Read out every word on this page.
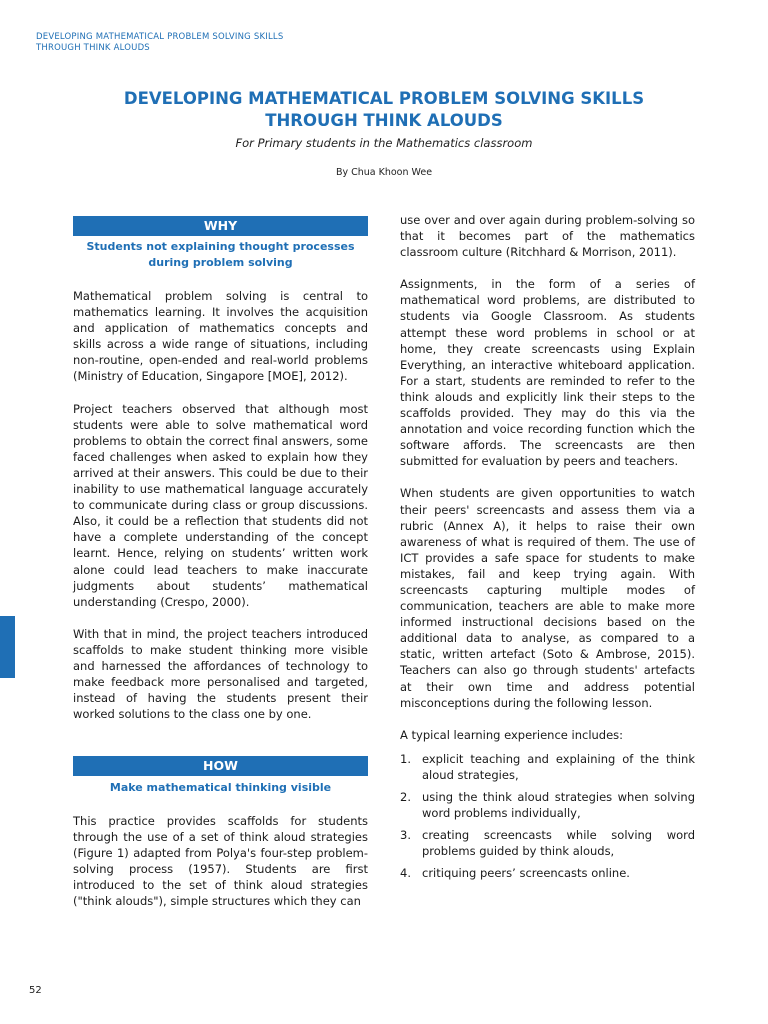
DEVELOPING MATHEMATICAL PROBLEM SOLVING SKILLS
THROUGH THINK ALOUDS
DEVELOPING MATHEMATICAL PROBLEM SOLVING SKILLS
THROUGH THINK ALOUDS
For Primary students in the Mathematics classroom
By Chua Khoon Wee
WHY
Students not explaining thought processes
during problem solving

Mathematical problem solving is central to mathematics learning. It involves the acquisition and application of mathematics concepts and skills across a wide range of situations, including non-routine, open-ended and real-world problems (Ministry of Education, Singapore [MOE], 2012).

Project teachers observed that although most students were able to solve mathematical word problems to obtain the correct final answers, some faced challenges when asked to explain how they arrived at their answers. This could be due to their inability to use mathematical language accurately to communicate during class or group discussions. Also, it could be a reflection that students did not have a complete understanding of the concept learnt. Hence, relying on students’ written work alone could lead teachers to make inaccurate judgments about students’ mathematical understanding (Crespo, 2000).

With that in mind, the project teachers introduced scaffolds to make student thinking more visible and harnessed the affordances of technology to make feedback more personalised and targeted, instead of having the students present their worked solutions to the class one by one.

HOW
Make mathematical thinking visible

This practice provides scaffolds for students through the use of a set of think aloud strategies (Figure 1) adapted from Polya's four-step problem-solving process (1957). Students are first introduced to the set of think aloud strategies ("think alouds"), simple structures which they can

use over and over again during problem-solving so that it becomes part of the mathematics classroom culture (Ritchhard & Morrison, 2011).

Assignments, in the form of a series of mathematical word problems, are distributed to students via Google Classroom. As students attempt these word problems in school or at home, they create screencasts using Explain Everything, an interactive whiteboard application. For a start, students are reminded to refer to the think alouds and explicitly link their steps to the scaffolds provided. They may do this via the annotation and voice recording function which the software affords. The screencasts are then submitted for evaluation by peers and teachers.

When students are given opportunities to watch their peers' screencasts and assess them via a rubric (Annex A), it helps to raise their own awareness of what is required of them. The use of ICT provides a safe space for students to make mistakes, fail and keep trying again. With screencasts capturing multiple modes of communication, teachers are able to make more informed instructional decisions based on the additional data to analyse, as compared to a static, written artefact (Soto & Ambrose, 2015). Teachers can also go through students' artefacts at their own time and address potential misconceptions during the following lesson.

A typical learning experience includes:

1. explicit teaching and explaining of the think aloud strategies,
2. using the think aloud strategies when solving word problems individually,
3. creating screencasts while solving word problems guided by think alouds,
4. critiquing peers’ screencasts online.
52
